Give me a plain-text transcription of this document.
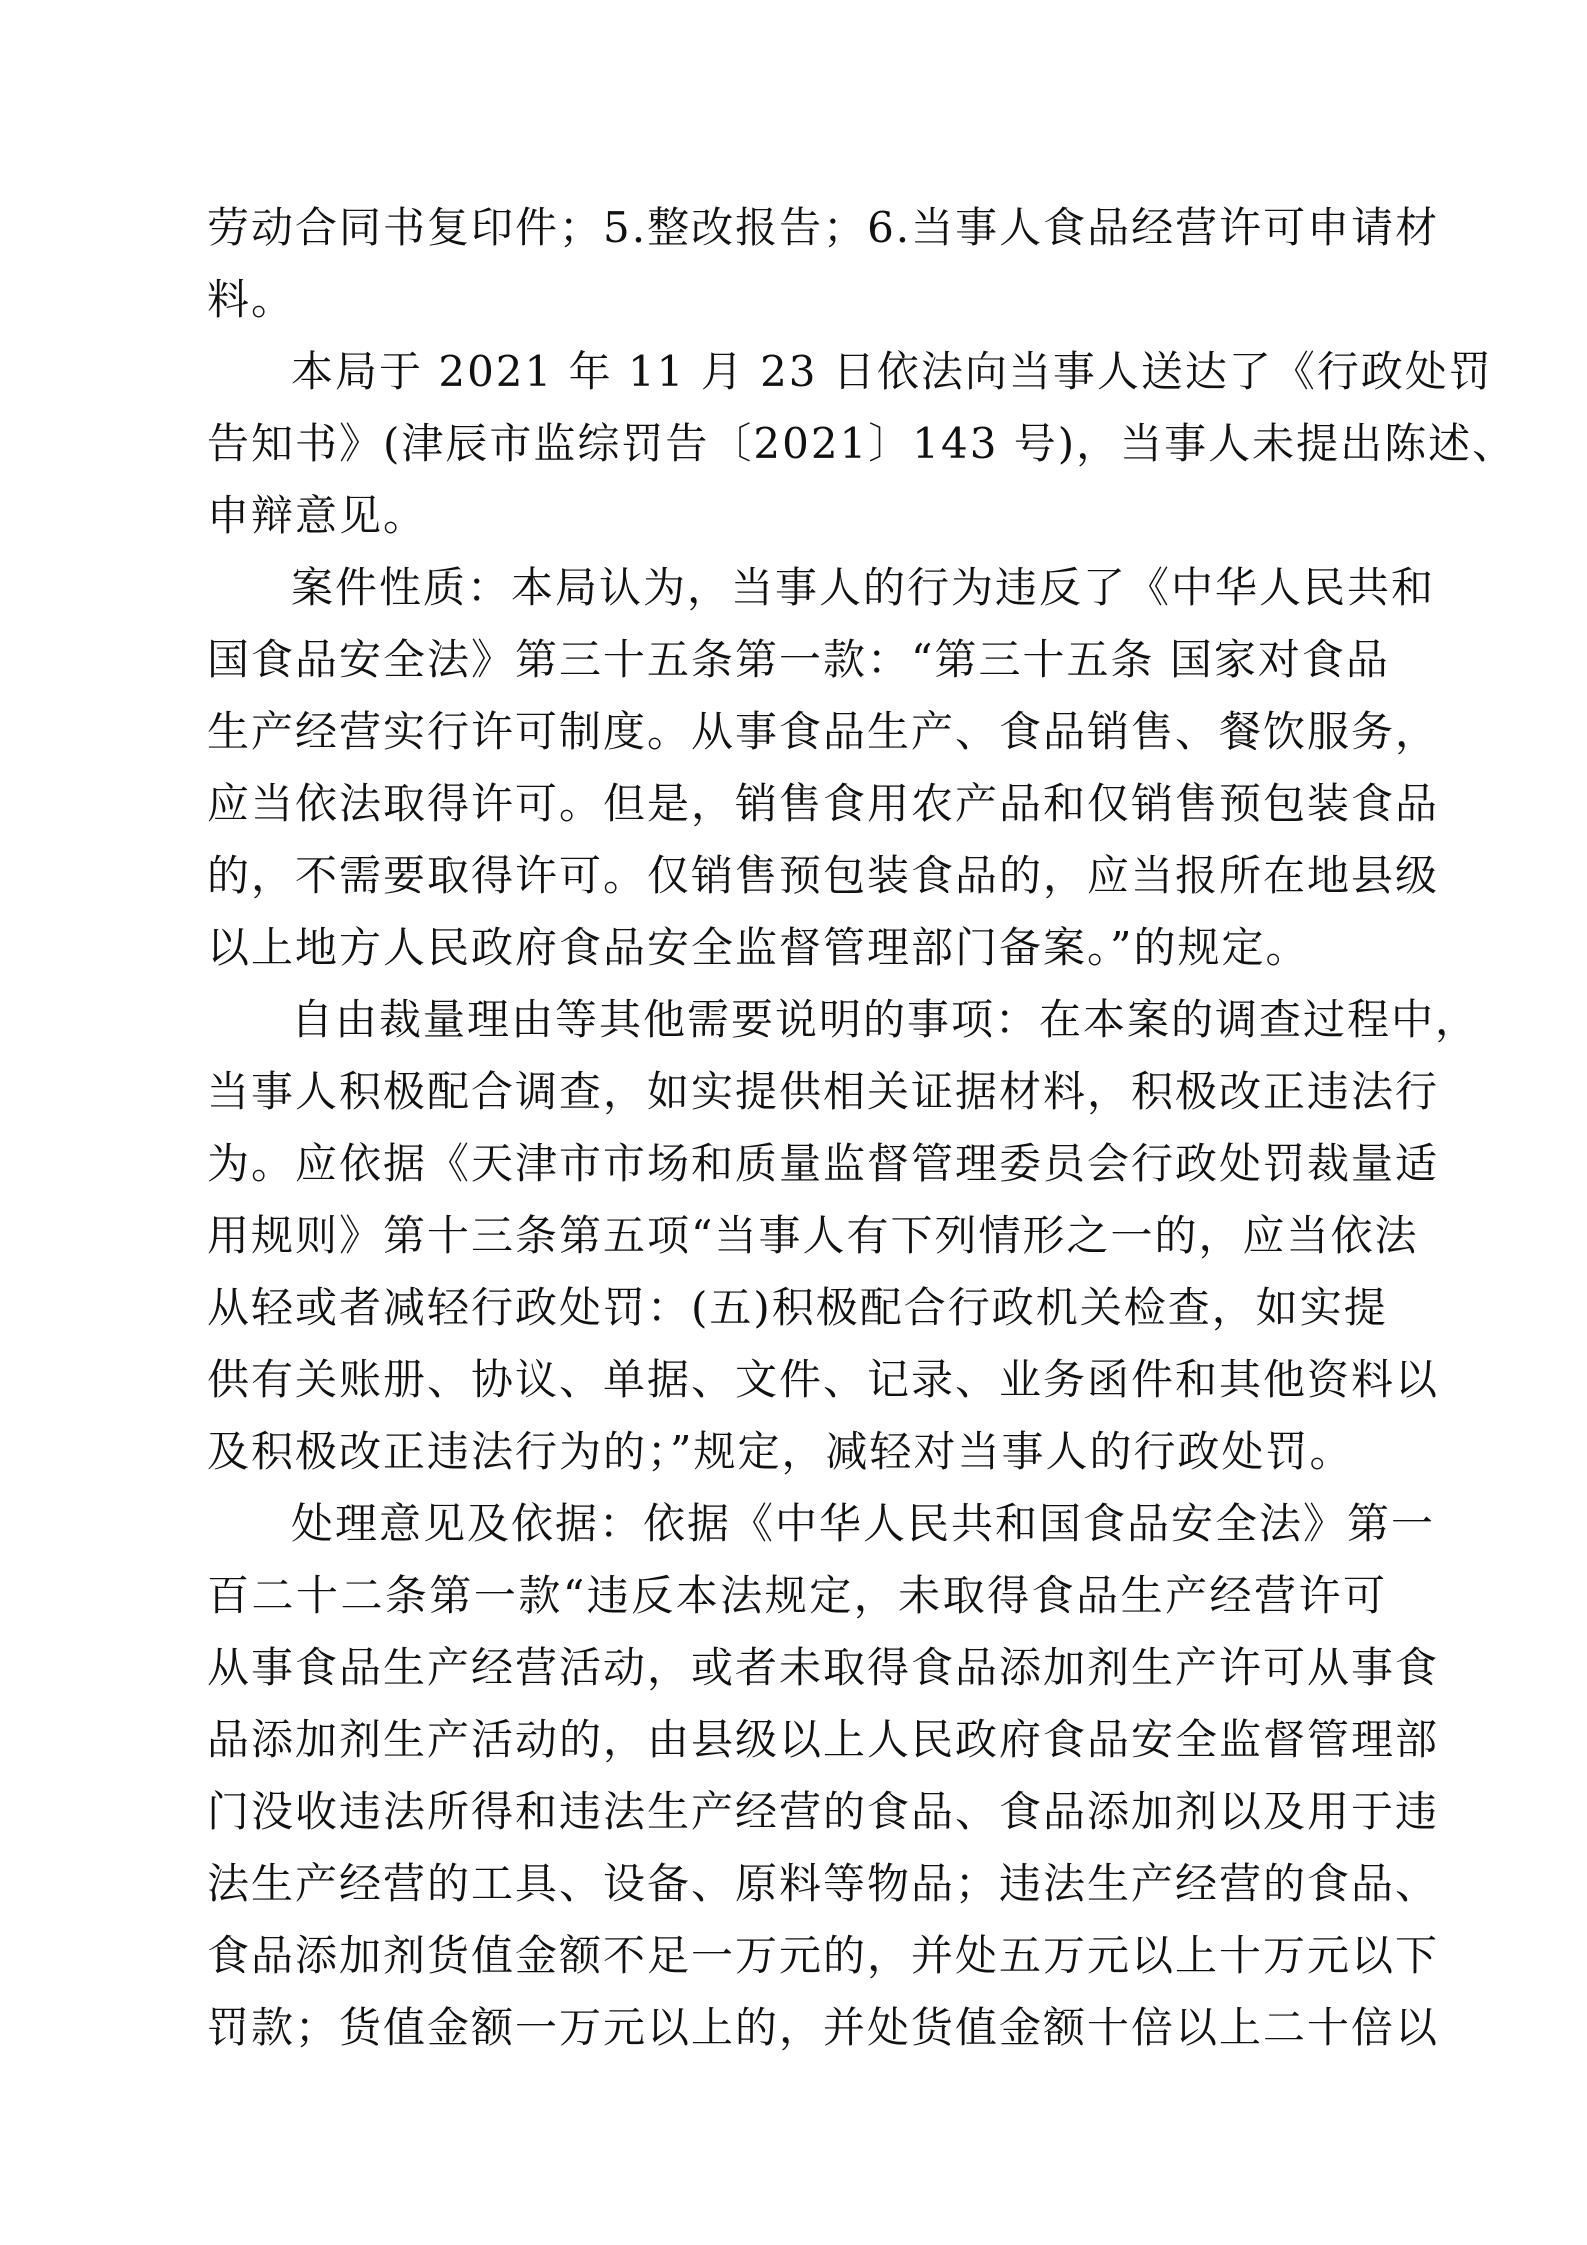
劳动合同书复印件；5.整改报告；6.当事人食品经营许可申请材
料。
本局于 2021 年 11 月 23 日依法向当事人送达了《行政处罚
告知书》(津辰市监综罚告〔2021〕143 号)，当事人未提出陈述、
申辩意见。
案件性质：本局认为，当事人的行为违反了《中华人民共和
国食品安全法》第三十五条第一款：“第三十五条 国家对食品
生产经营实行许可制度。从事食品生产、食品销售、餐饮服务，
应当依法取得许可。但是，销售食用农产品和仅销售预包装食品
的，不需要取得许可。仅销售预包装食品的，应当报所在地县级
以上地方人民政府食品安全监督管理部门备案。”的规定。
自由裁量理由等其他需要说明的事项：在本案的调查过程中，
当事人积极配合调查，如实提供相关证据材料，积极改正违法行
为。应依据《天津市市场和质量监督管理委员会行政处罚裁量适
用规则》第十三条第五项“当事人有下列情形之一的，应当依法
从轻或者减轻行政处罚：(五)积极配合行政机关检查，如实提
供有关账册、协议、单据、文件、记录、业务函件和其他资料以
及积极改正违法行为的；”规定，减轻对当事人的行政处罚。
处理意见及依据：依据《中华人民共和国食品安全法》第一
百二十二条第一款“违反本法规定，未取得食品生产经营许可
从事食品生产经营活动，或者未取得食品添加剂生产许可从事食
品添加剂生产活动的，由县级以上人民政府食品安全监督管理部
门没收违法所得和违法生产经营的食品、食品添加剂以及用于违
法生产经营的工具、设备、原料等物品；违法生产经营的食品、
食品添加剂货值金额不足一万元的，并处五万元以上十万元以下
罚款；货值金额一万元以上的，并处货值金额十倍以上二十倍以
